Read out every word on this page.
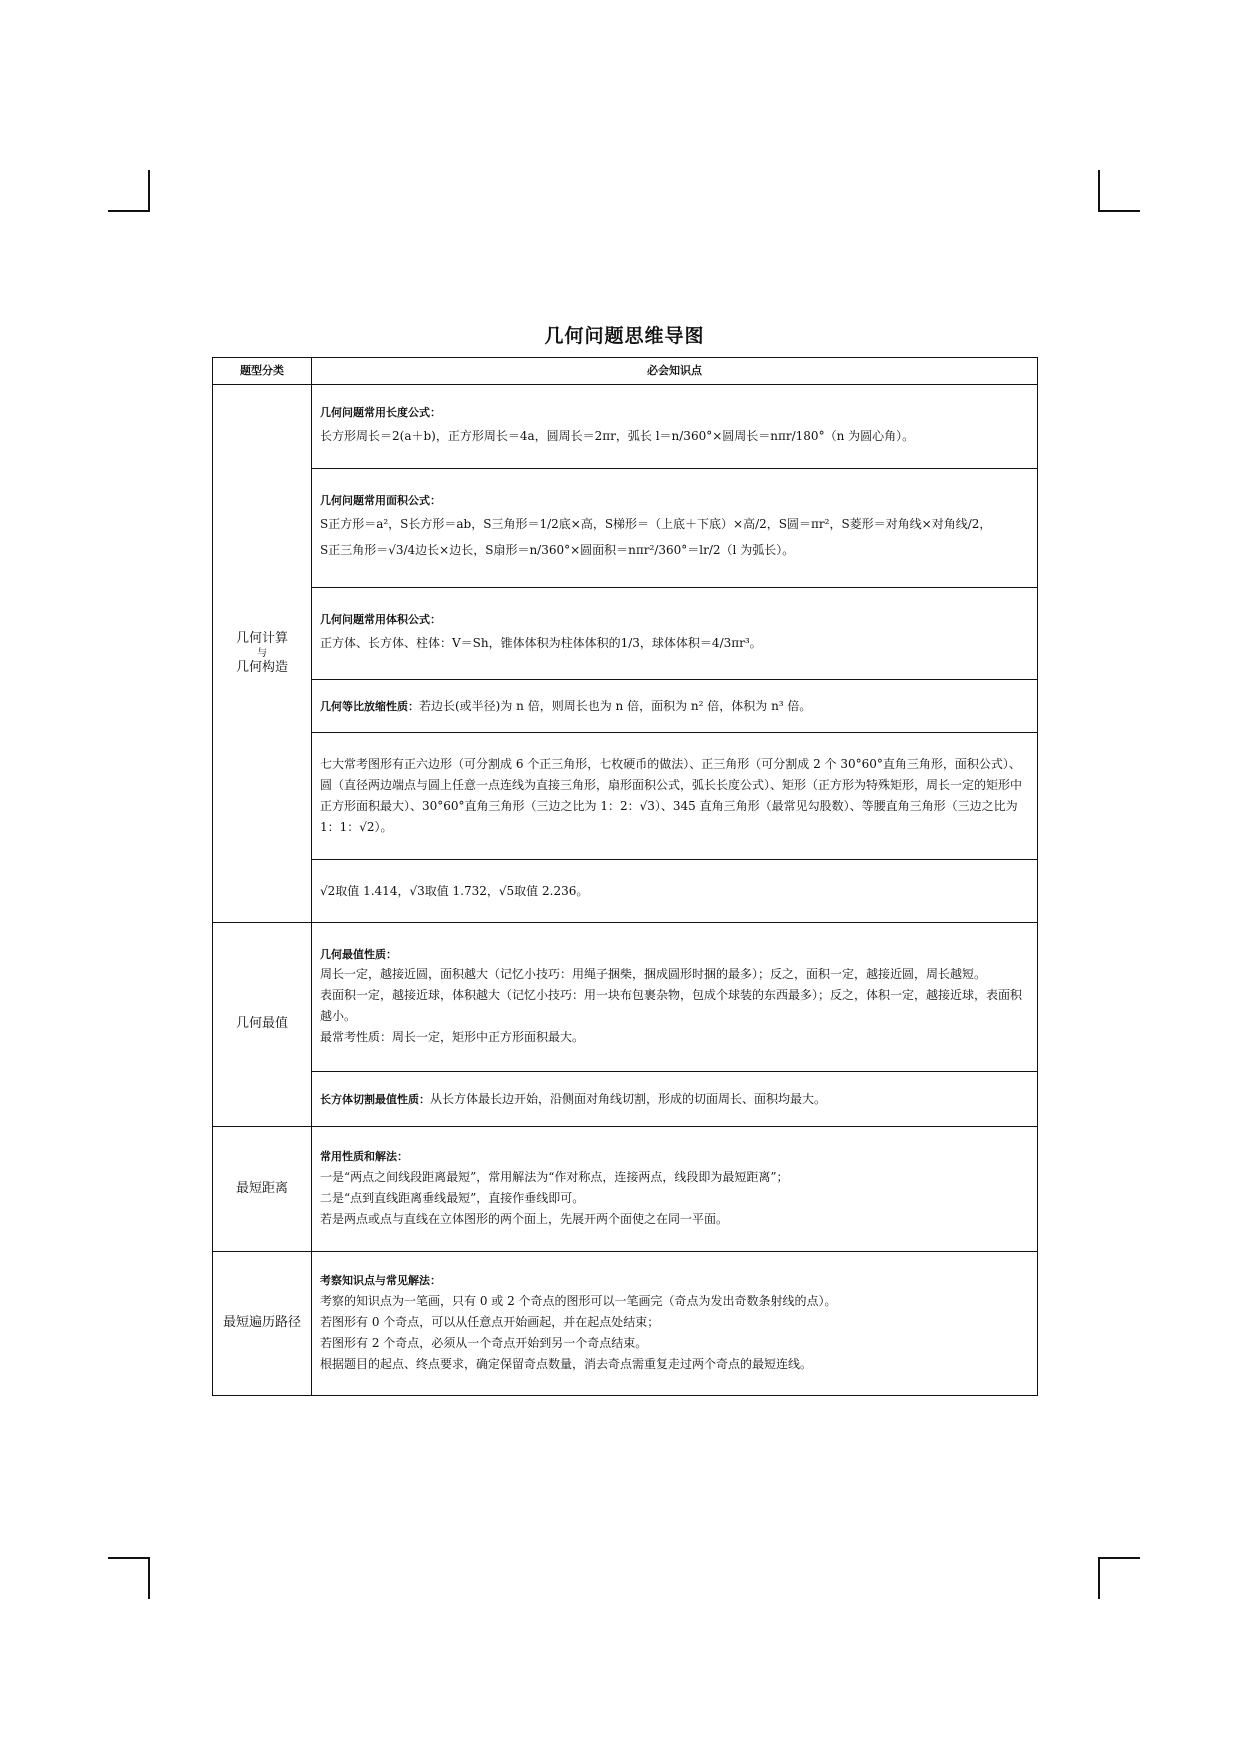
几何问题思维导图
题型分类	必会知识点

几何计算
与
几何构造	几何问题常用长度公式：
长方形周长＝2(a＋b)，正方形周长＝4a，圆周长＝2πr，弧长 l＝n/360°×圆周长＝nπr/180°（n 为圆心角）。

	几何问题常用面积公式：
S正方形＝a²，S长方形＝ab，S三角形＝1/2底×高，S梯形＝（上底＋下底）×高/2，S圆＝πr²，S菱形＝对角线×对角线/2，
S正三角形＝√3/4边长×边长，S扇形＝n/360°×圆面积＝nπr²/360°＝lr/2（l 为弧长）。

	几何问题常用体积公式：
正方体、长方体、柱体：V＝Sh，锥体体积为柱体体积的1/3，球体体积＝4/3πr³。

	几何等比放缩性质：若边长(或半径)为 n 倍，则周长也为 n 倍，面积为 n² 倍，体积为 n³ 倍。

	七大常考图形有正六边形（可分割成 6 个正三角形，七枚硬币的做法）、正三角形（可分割成 2 个 30°60°直角三角形，面积公式）、圆（直径两边端点与圆上任意一点连线为直接三角形，扇形面积公式，弧长长度公式）、矩形（正方形为特殊矩形，周长一定的矩形中正方形面积最大）、30°60°直角三角形（三边之比为 1：2：√3）、345 直角三角形（最常见勾股数）、等腰直角三角形（三边之比为 1：1：√2）。

	√2取值 1.414，√3取值 1.732，√5取值 2.236。

几何最值	几何最值性质：
周长一定，越接近圆，面积越大（记忆小技巧：用绳子捆柴，捆成圆形时捆的最多）；反之，面积一定，越接近圆，周长越短。
表面积一定，越接近球，体积越大（记忆小技巧：用一块布包裹杂物，包成个球装的东西最多）；反之，体积一定，越接近球，表面积越小。
最常考性质：周长一定，矩形中正方形面积最大。

	长方体切割最值性质：从长方体最长边开始，沿侧面对角线切割，形成的切面周长、面积均最大。
最短距离	常用性质和解法：
一是“两点之间线段距离最短”，常用解法为“作对称点，连接两点，线段即为最短距离”；
二是“点到直线距离垂线最短”，直接作垂线即可。
若是两点或点与直线在立体图形的两个面上，先展开两个面使之在同一平面。

最短遍历路径	考察知识点与常见解法：
考察的知识点为一笔画，只有 0 或 2 个奇点的图形可以一笔画完（奇点为发出奇数条射线的点）。
若图形有 0 个奇点，可以从任意点开始画起，并在起点处结束；
若图形有 2 个奇点，必须从一个奇点开始到另一个奇点结束。
根据题目的起点、终点要求，确定保留奇点数量，消去奇点需重复走过两个奇点的最短连线。
